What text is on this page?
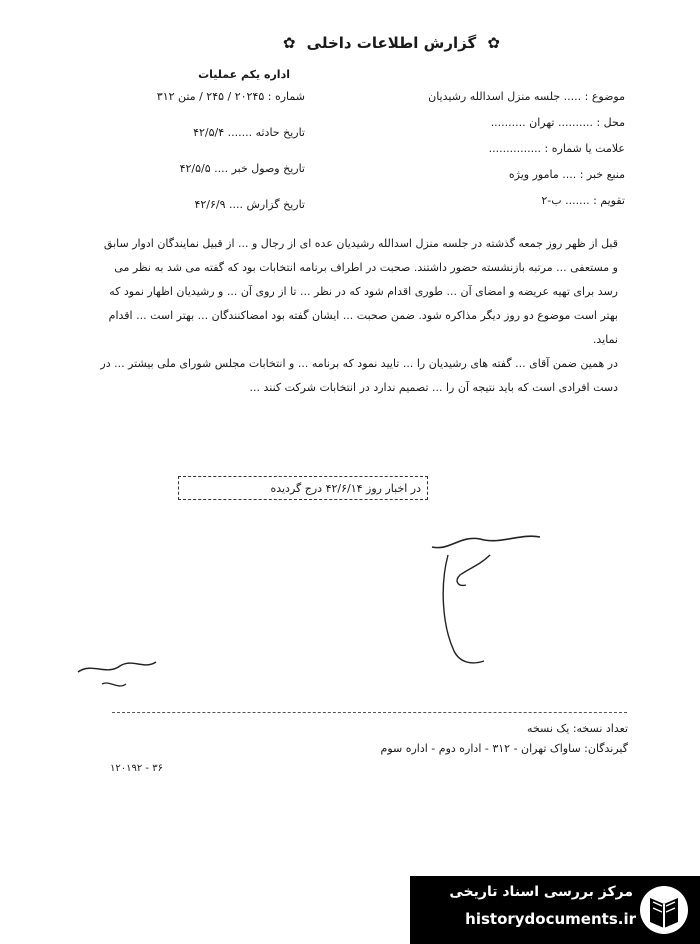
✿ گزارش اطلاعات داخلی ✿
اداره یکم عملیات
شماره : ۲۰۲۴۵ / ۲۴۵ / متن ۳۱۲
تاریخ حادثه ....... ۴۲/۵/۴
تاریخ وصول خبر .... ۴۲/۵/۵
تاریخ گزارش .... ۴۲/۶/۹
موضوع : ..... جلسه منزل اسدالله رشیدیان
محل : .......... تهران ..........
علامت یا شماره : ...............
منبع خبر : .... مامور ویژه
تقویم : ....... ب-۲

قبل از ظهر روز جمعه گذشته در جلسه منزل اسدالله رشیدیان عده ای از رجال و ... از قبیل نمایندگان ادوار سابق و مستعفی ... مرتبه بازنشسته حضور داشتند. صحبت در اطراف برنامه انتخابات بود که گفته می شد به نظر می رسد برای تهیه عریضه و امضای آن ... طوری اقدام شود که در نظر ... تا از روی آن ... و رشیدیان اظهار نمود که بهتر است موضوع دو روز دیگر مذاکره شود. ضمن صحبت ... ایشان گفته بود امضاکنندگان ... بهتر است ... اقدام نماید.

در همین ضمن آقای ... گفته های رشیدیان را ... تایید نمود که برنامه ... و انتخابات مجلس شورای ملی بیشتر ... در دست افرادی است که باید نتیجه آن را ... تصمیم ندارد در انتخابات شرکت کنند ...

در اخبار روز ۴۲/۶/۱۴ درج گردیده
تعداد نسخه: یک نسخه
گیرندگان: ساواک تهران - ۳۱۲ - اداره دوم - اداره سوم
۱۲۰۱۹۲ - ۳۶
مرکز بررسی اسناد تاریخی
historydocuments.ir
